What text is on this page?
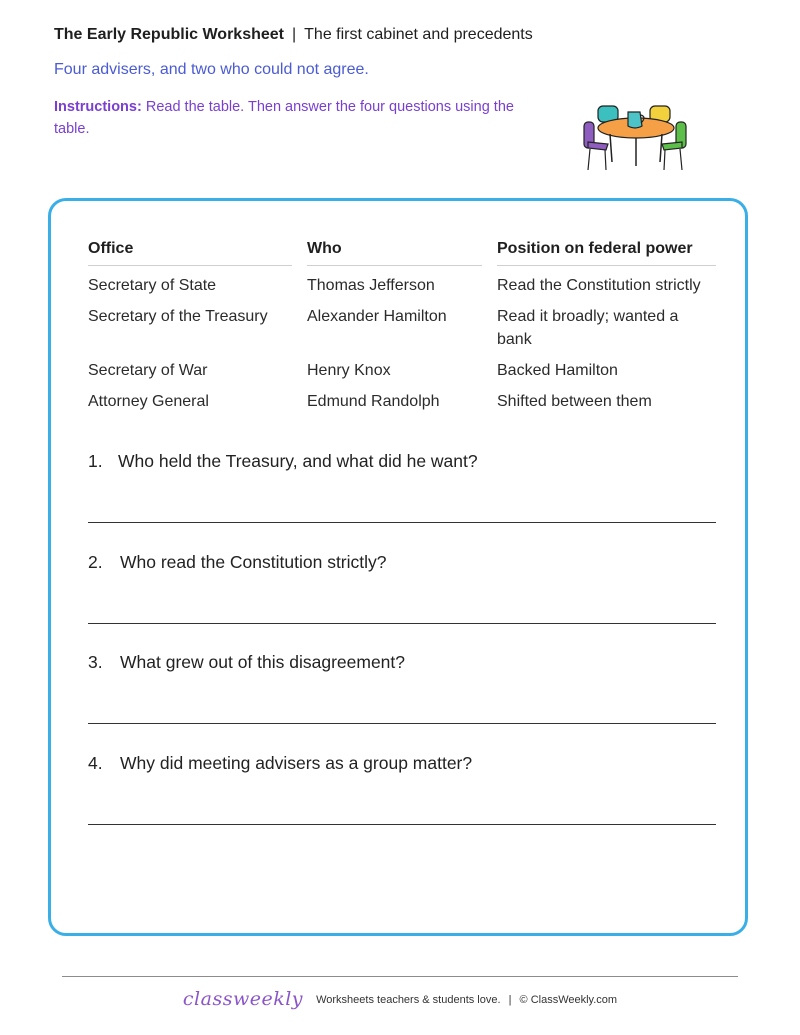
The Early Republic Worksheet | The first cabinet and precedents
Four advisers, and two who could not agree.
Instructions: Read the table. Then answer the four questions using the table.
Office	Who	Position on federal power
Secretary of State	Thomas Jefferson	Read the Constitution strictly
Secretary of the Treasury	Alexander Hamilton	Read it broadly; wanted a bank
Secretary of War	Henry Knox	Backed Hamilton
Attorney General	Edmund Randolph	Shifted between them
1. Who held the Treasury, and what did he want?
2. Who read the Constitution strictly?
3. What grew out of this disagreement?
4. Why did meeting advisers as a group matter?
classweekly Worksheets teachers & students love. | © ClassWeekly.com
